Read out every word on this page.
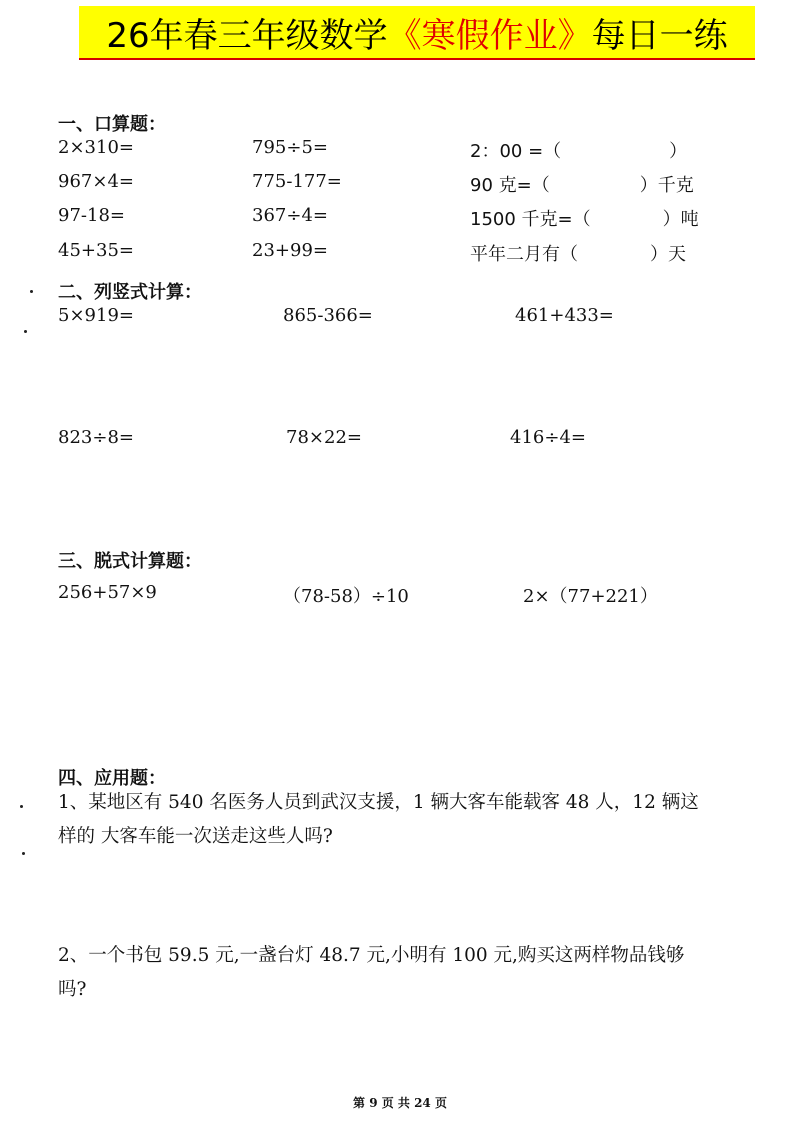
26年春三年级数学 《寒假作业》 每日一练
一、口算题：
2×310=	795÷5=	2：00 =（　　　　　　）
967×4=	775-177=	90 克=（　　　　　）千克
97-18=	367÷4=	1500 千克=（　　　　）吨
45+35=	23+99=	平年二月有（　　　　）天
二、列竖式计算：
5×919=	865-366=	461+433=
823÷8=	78×22=	416÷4=
三、脱式计算题：
256+57×9	（78-58）÷10	2×（77+221）
四、应用题：
1、某地区有 540 名医务人员到武汉支援，1 辆大客车能载客 48 人，12 辆这
样的 大客车能一次送走这些人吗?
2、一个书包 59.5 元,一盏台灯 48.7 元,小明有 100 元,购买这两样物品钱够
吗?
第 9 页 共 24 页
